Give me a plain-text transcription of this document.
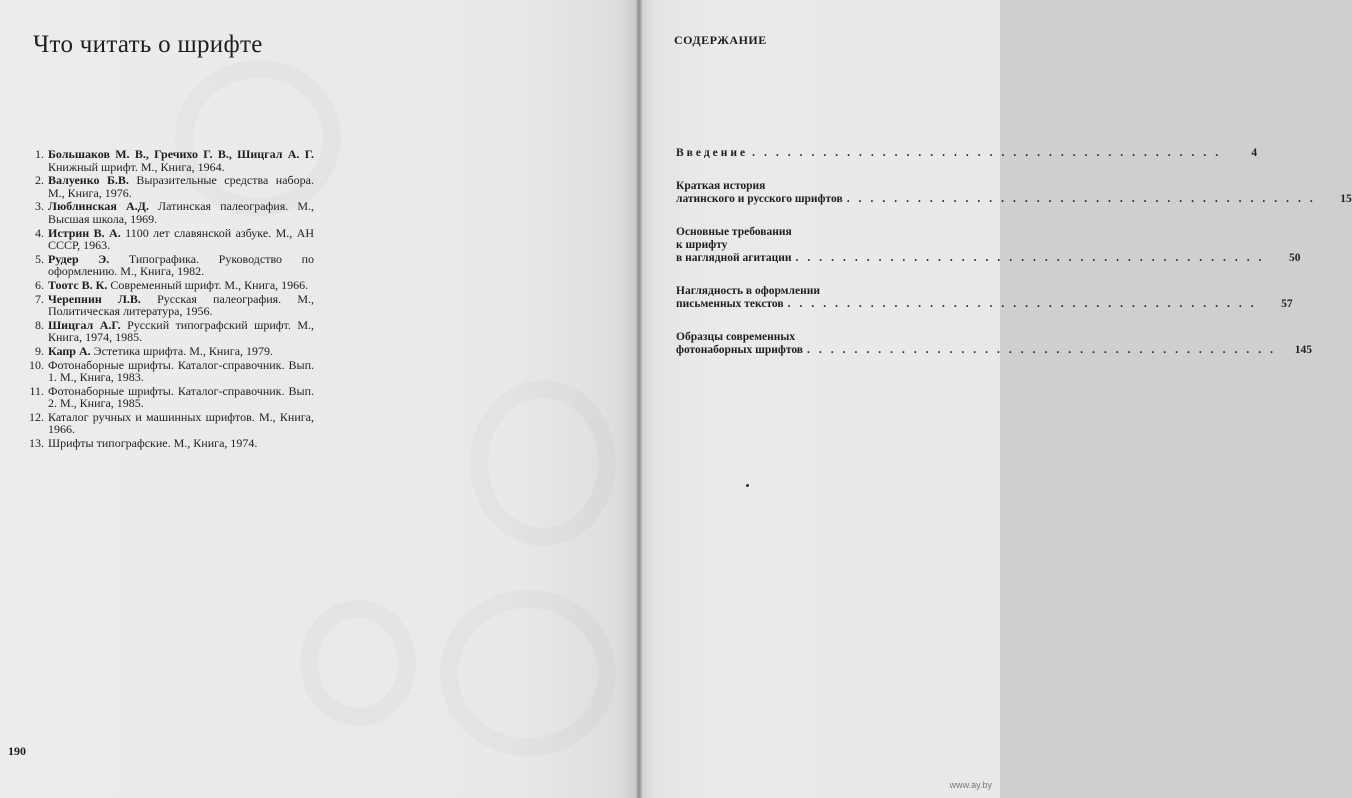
Что читать о шрифте
1. Большаков М. В., Гречихо Г. В., Шицгал А. Г. Книжный шрифт. М., Книга, 1964.
2. Валуенко Б.В. Выразительные средства набора. М., Книга, 1976.
3. Люблинская А.Д. Латинская палеография. М., Высшая школа, 1969.
4. Истрин В. А. 1100 лет славянской азбуке. М., АН СССР, 1963.
5. Рудер Э. Типографика. Руководство по оформлению. М., Книга, 1982.
6. Тоотс В. К. Современный шрифт. М., Книга, 1966.
7. Черепнин Л.В. Русская палеография. М., Политическая литература, 1956.
8. Шицгал А.Г. Русский типографский шрифт. М., Книга, 1974, 1985.
9. Капр А. Эстетика шрифта. М., Книга, 1979.
10. Фотонаборные шрифты. Каталог-справочник. Вып. 1. М., Книга, 1983.
11. Фотонаборные шрифты. Каталог-справочник. Вып. 2. М., Книга, 1985.
12. Каталог ручных и машинных шрифтов. М., Книга, 1966.
13. Шрифты типографские. М., Книга, 1974.
190
СОДЕРЖАНИЕ
Введение ........................................	4
Краткая история
латинского и русского шрифтов ........................................	15
Основные требования
к шрифту
в наглядной агитации ........................................	50
Наглядность в оформлении
письменных текстов ........................................	57
Образцы современных
фотонаборных шрифтов ........................................	145
www.ay.by
